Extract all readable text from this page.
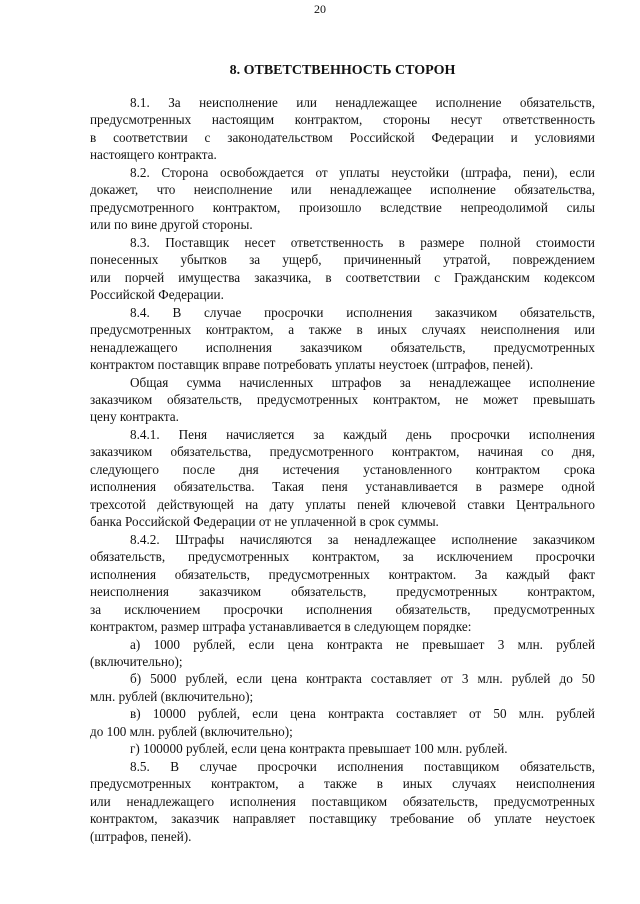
20
8. ОТВЕТСТВЕННОСТЬ СТОРОН
8.1. За неисполнение или ненадлежащее исполнение обязательств,
предусмотренных настоящим контрактом, стороны несут ответственность
в соответствии с законодательством Российской Федерации и условиями
настоящего контракта.
8.2. Сторона освобождается от уплаты неустойки (штрафа, пени), если
докажет, что неисполнение или ненадлежащее исполнение обязательства,
предусмотренного контрактом, произошло вследствие непреодолимой силы
или по вине другой стороны.
8.3. Поставщик несет ответственность в размере полной стоимости
понесенных убытков за ущерб, причиненный утратой, повреждением
или порчей имущества заказчика, в соответствии с Гражданским кодексом
Российской Федерации.
8.4. В случае просрочки исполнения заказчиком обязательств,
предусмотренных контрактом, а также в иных случаях неисполнения или
ненадлежащего исполнения заказчиком обязательств, предусмотренных
контрактом поставщик вправе потребовать уплаты неустоек (штрафов, пеней).
Общая сумма начисленных штрафов за ненадлежащее исполнение
заказчиком обязательств, предусмотренных контрактом, не может превышать
цену контракта.
8.4.1. Пеня начисляется за каждый день просрочки исполнения
заказчиком обязательства, предусмотренного контрактом, начиная со дня,
следующего после дня истечения установленного контрактом срока
исполнения обязательства. Такая пеня устанавливается в размере одной
трехсотой действующей на дату уплаты пеней ключевой ставки Центрального
банка Российской Федерации от не уплаченной в срок суммы.
8.4.2. Штрафы начисляются за ненадлежащее исполнение заказчиком
обязательств, предусмотренных контрактом, за исключением просрочки
исполнения обязательств, предусмотренных контрактом. За каждый факт
неисполнения заказчиком обязательств, предусмотренных контрактом,
за исключением просрочки исполнения обязательств, предусмотренных
контрактом, размер штрафа устанавливается в следующем порядке:
а) 1000 рублей, если цена контракта не превышает 3 млн. рублей
(включительно);
б) 5000 рублей, если цена контракта составляет от 3 млн. рублей до 50
млн. рублей (включительно);
в) 10000 рублей, если цена контракта составляет от 50 млн. рублей
до 100 млн. рублей (включительно);
г) 100000 рублей, если цена контракта превышает 100 млн. рублей.
8.5. В случае просрочки исполнения поставщиком обязательств,
предусмотренных контрактом, а также в иных случаях неисполнения
или ненадлежащего исполнения поставщиком обязательств, предусмотренных
контрактом, заказчик направляет поставщику требование об уплате неустоек
(штрафов, пеней).
